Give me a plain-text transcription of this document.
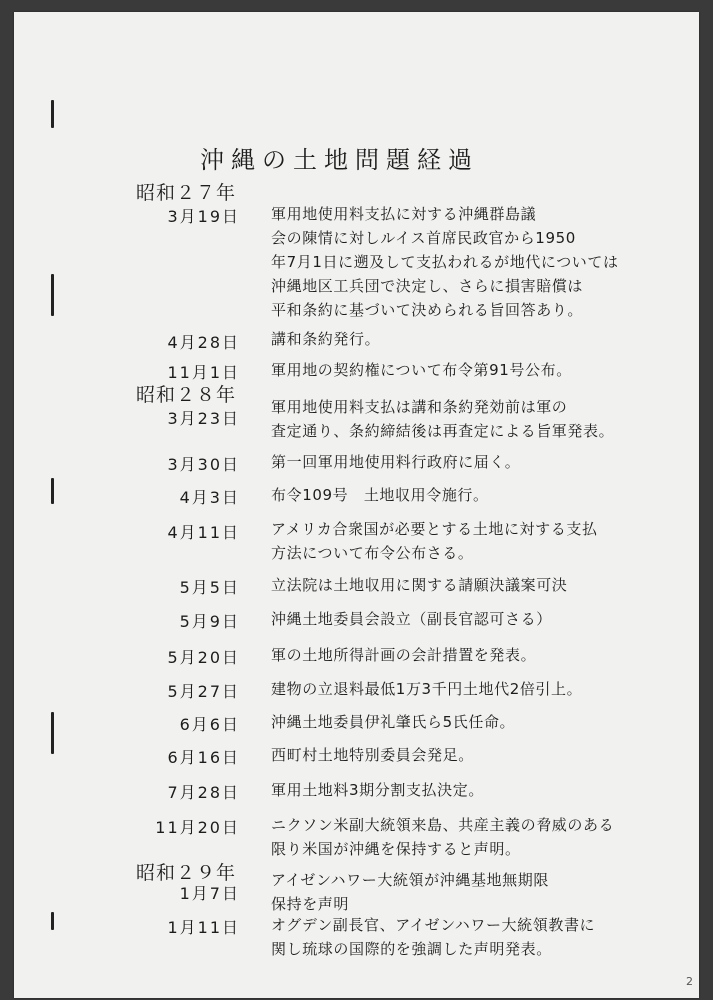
沖縄の土地問題経過
昭和２７年
昭和２８年
昭和２９年
3月19日 軍用地使用料支払に対する沖縄群島議
会の陳情に対しルイス首席民政官から1950
年7月1日に遡及して支払われるが地代については
沖縄地区工兵団で決定し、さらに損害賠償は
平和条約に基づいて決められる旨回答あり。
4月28日 講和条約発行。
11月1日 軍用地の契約権について布令第91号公布。
3月23日
軍用地使用料支払は講和条約発効前は軍の
査定通り、条約締結後は再査定による旨軍発表。
3月30日 第一回軍用地使用料行政府に届く。
4月3日 布令109号　土地収用令施行。
4月11日 アメリカ合衆国が必要とする土地に対する支払
方法について布令公布さる。
5月5日 立法院は土地収用に関する請願決議案可決
5月9日 沖縄土地委員会設立（副長官認可さる）
5月20日 軍の土地所得計画の会計措置を発表。
5月27日 建物の立退料最低1万3千円土地代2倍引上。
6月6日 沖縄土地委員伊礼肇氏ら5氏任命。
6月16日 西町村土地特別委員会発足。
7月28日 軍用土地料3期分割支払決定。
11月20日 ニクソン米副大統領来島、共産主義の脅威のある
限り米国が沖縄を保持すると声明。
1月7日
アイゼンハワー大統領が沖縄基地無期限
保持を声明
1月11日 オグデン副長官、アイゼンハワー大統領教書に
関し琉球の国際的を強調した声明発表。
2
